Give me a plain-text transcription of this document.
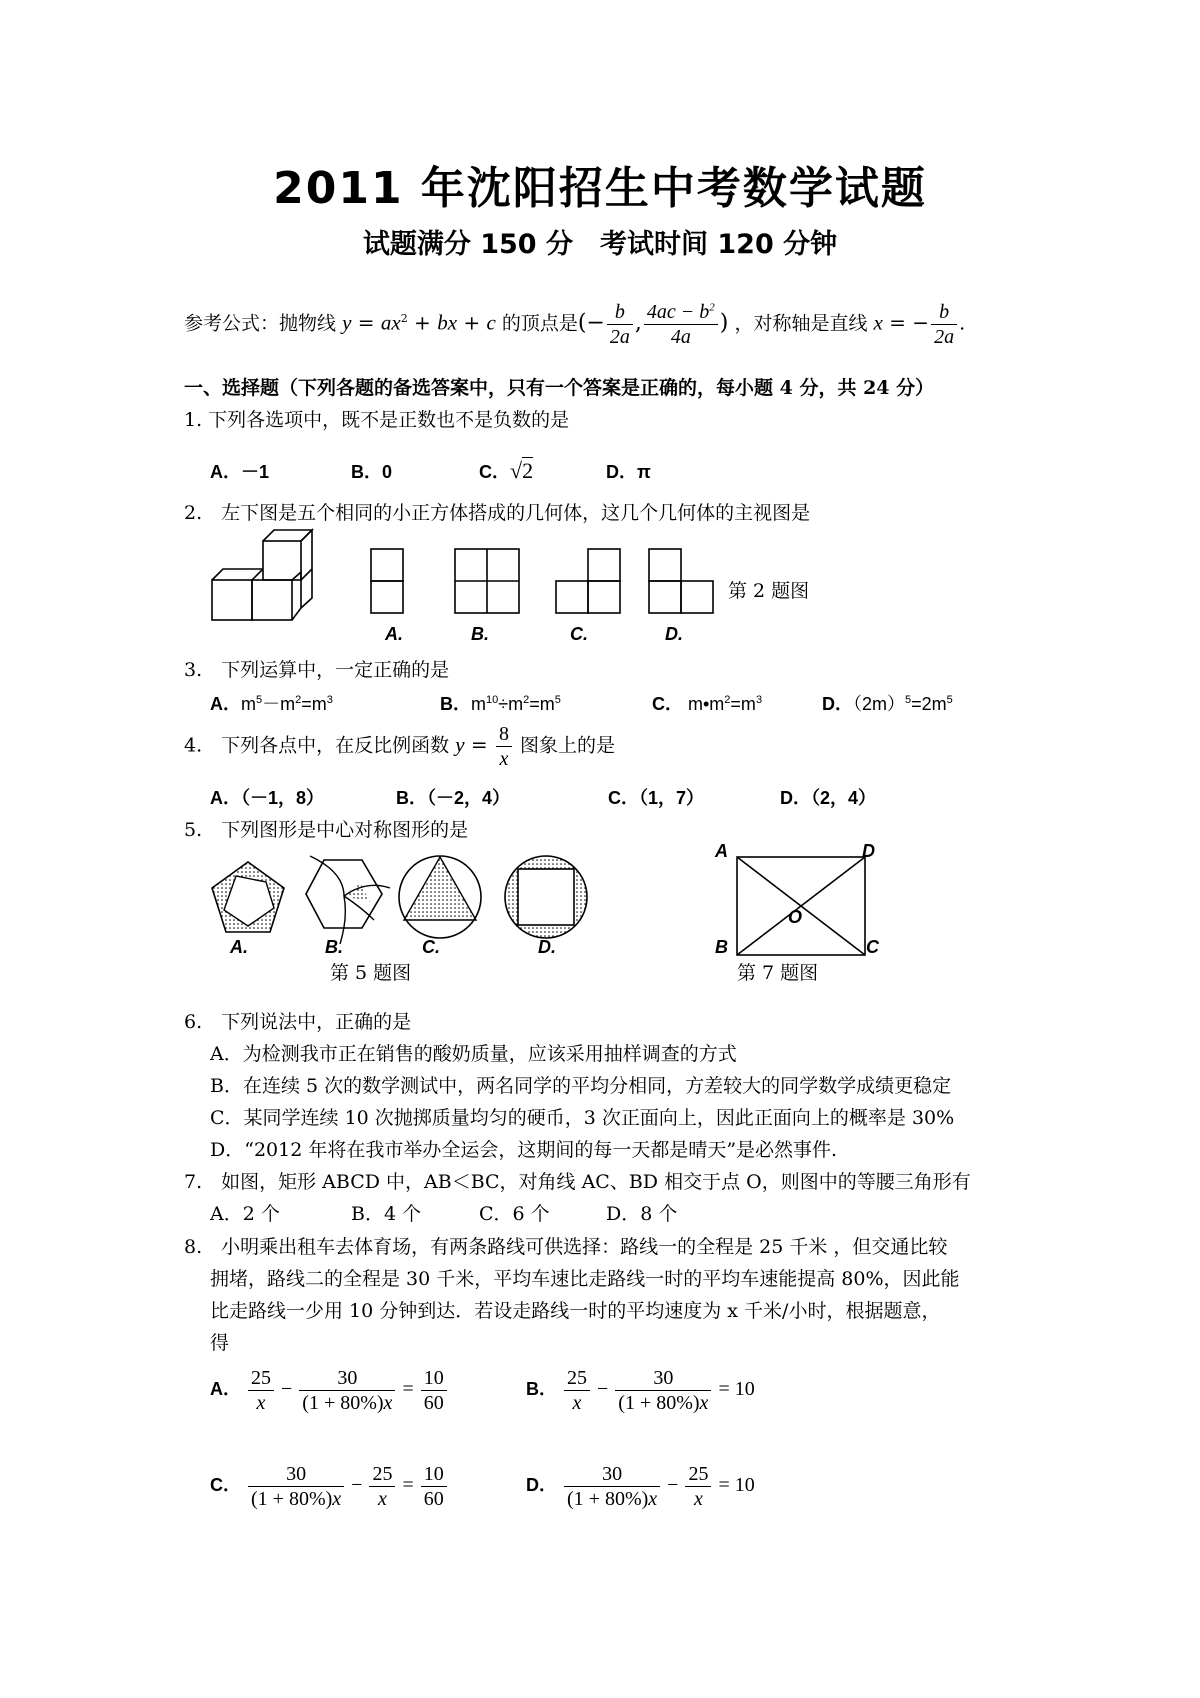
2011 年沈阳招生中考数学试题
试题满分 150 分　考试时间 120 分钟
参考公式：抛物线 $y = ax^2$ + bx + c 的顶点是(− $\frac{b}{2a}$ , $\frac{4ac - b^2}{4a}$ ) ，对称轴是直线 x = − $\frac{b}{2a}$ .
一、选择题（下列各题的备选答案中，只有一个答案是正确的，每小题 4 分，共 24 分）
1. 下列各选项中，既不是正数也不是负数的是
A．－1	B．0	C．√2	D．π
2.　左下图是五个相同的小正方体搭成的几何体，这几个几何体的主视图是
第 2 题图
A.	B.	C.	D.
3.　下列运算中，一定正确的是
A．$m^5-m^2=m^3$	B．$m^{10}\div m^2=m^5$	C． $m•m^2=m^3$	D．$(2m)^5=2m^5$
4.　下列各点中，在反比例函数 $y = \frac{8}{x}$ 图象上的是
A．（－1，8）	B．（－2，4）	C．（1，7）	D．（2，4）
5.　下列图形是中心对称图形的是
A.	B.	C.	D.
第 5 题图
A	D
B	C
O
第 7 题图
6.　下列说法中，正确的是
A．为检测我市正在销售的酸奶质量，应该采用抽样调查的方式
B．在连续 5 次的数学测试中，两名同学的平均分相同，方差较大的同学数学成绩更稳定
C．某同学连续 10 次抛掷质量均匀的硬币，3 次正面向上，因此正面向上的概率是 30%
D．“2012 年将在我市举办全运会，这期间的每一天都是晴天”是必然事件.
7.　如图，矩形 ABCD 中，AB＜BC，对角线 AC、BD 相交于点 O，则图中的等腰三角形有
A．2 个	B．4 个	C．6 个	D．8 个
8.　小明乘出租车去体育场，有两条路线可供选择：路线一的全程是 25 千米 ，但交通比较
拥堵，路线二的全程是 30 千米，平均车速比走路线一时的平均车速能提高 80%，因此能
比走路线一少用 10 分钟到达．若设走路线一时的平均速度为 x 千米/小时，根据题意，
得
A． $\frac{25}{x} - \frac{30}{(1 + 80\%)x} = \frac{10}{60}$	B． $\frac{25}{x} - \frac{30}{(1 + 80\%)x} = 10$
C． $\frac{30}{(1 + 80\%)x} - \frac{25}{x} = \frac{10}{60}$	D． $\frac{30}{(1 + 80\%)x} - \frac{25}{x} = 10$
